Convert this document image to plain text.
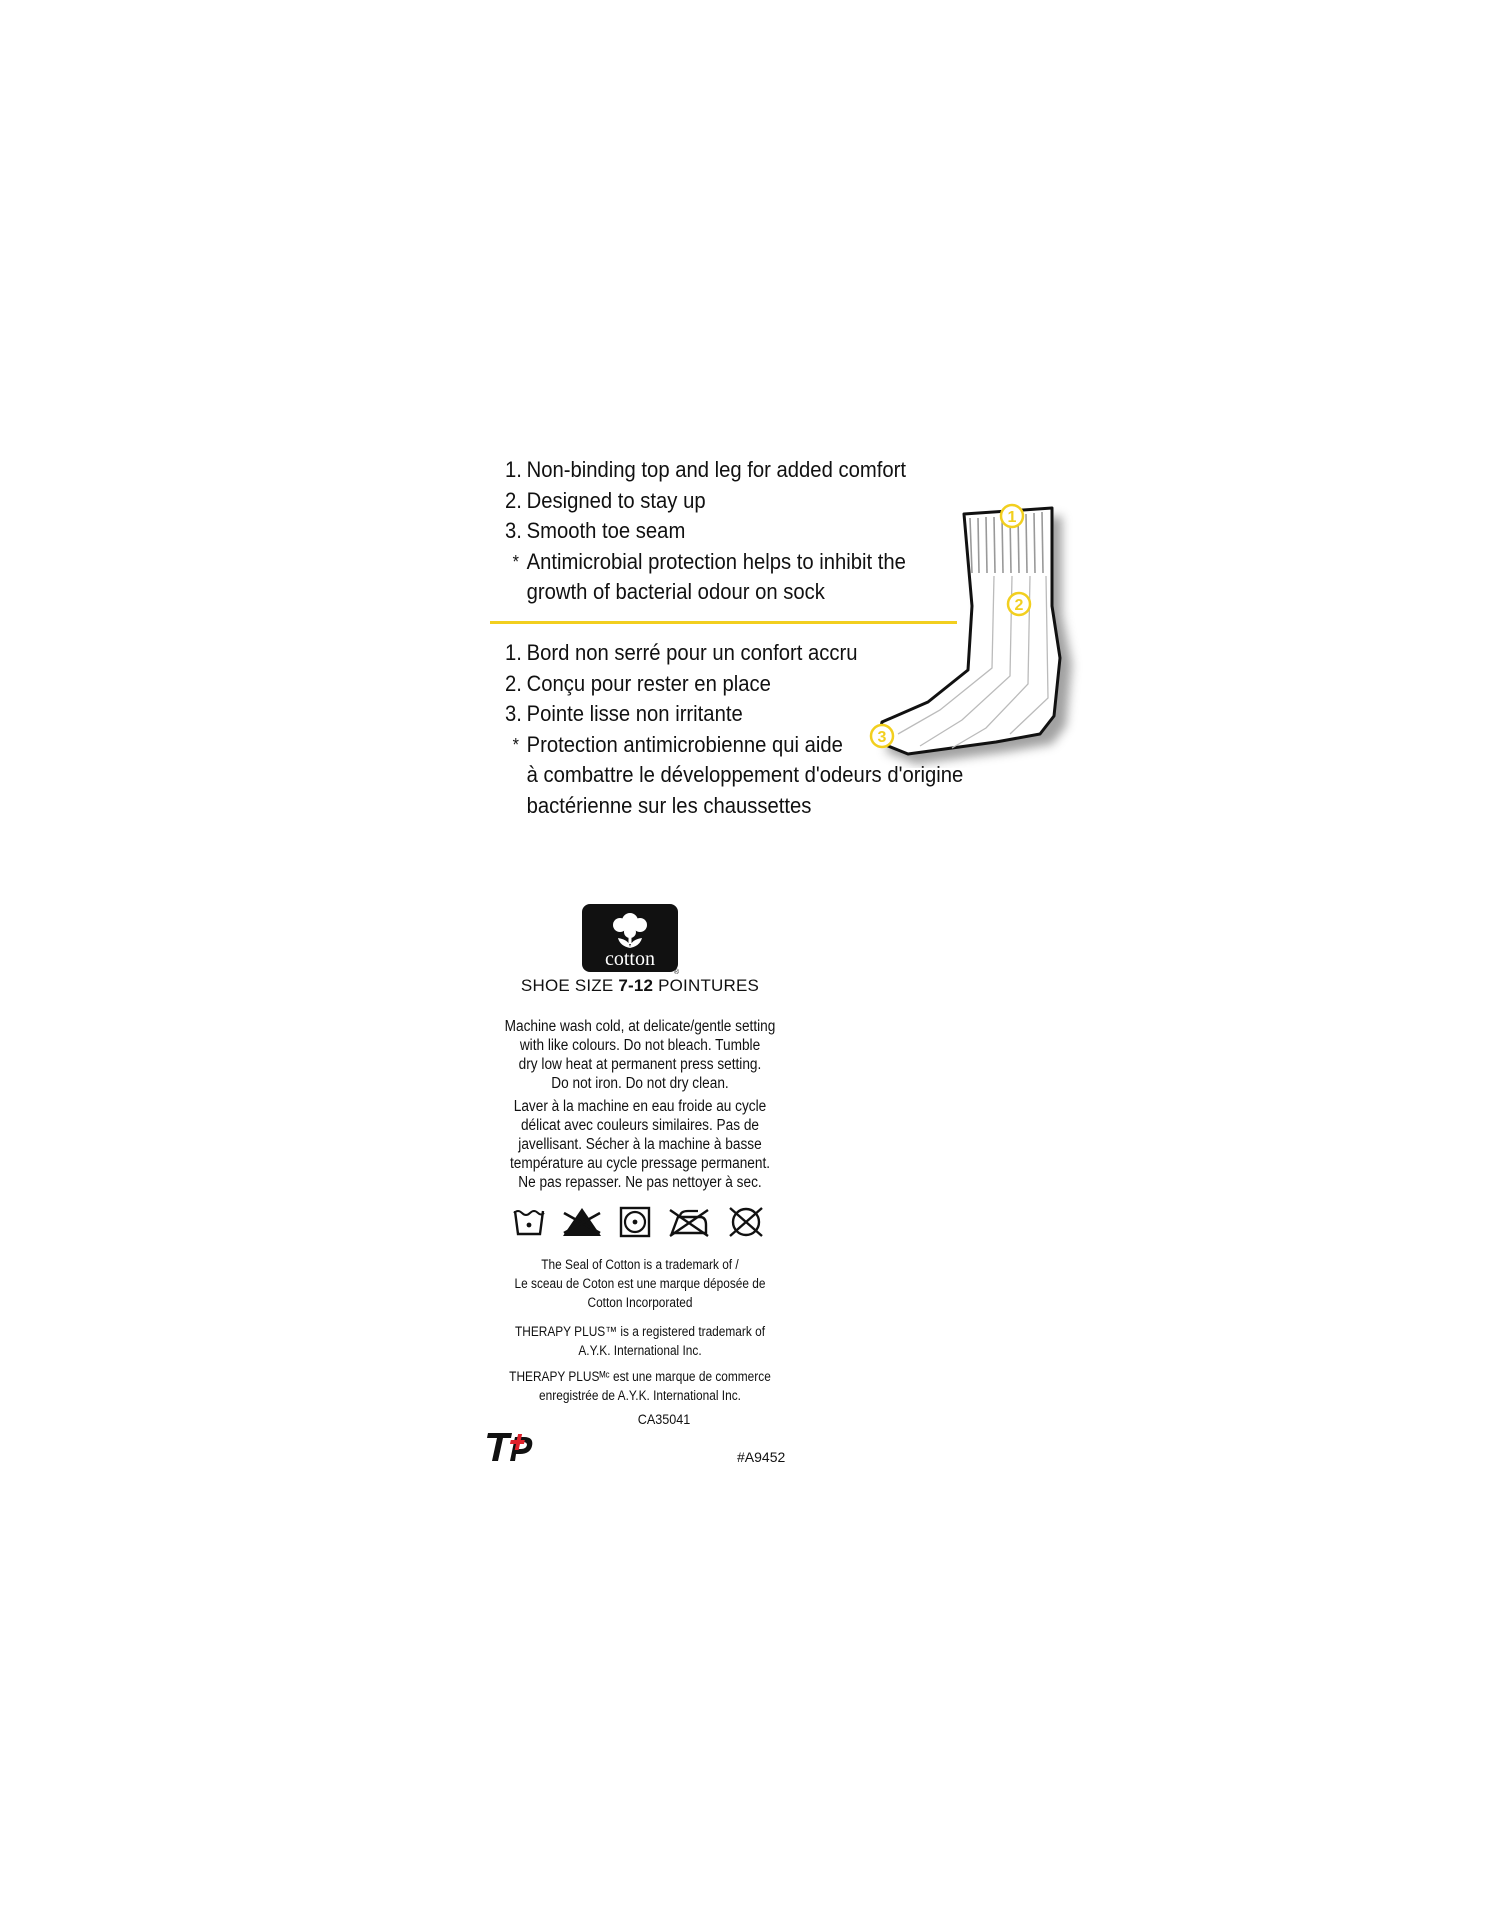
1. Non-binding top and leg for added comfort
2. Designed to stay up
3. Smooth toe seam
* Antimicrobial protection helps to inhibit the
growth of bacterial odour on sock
1. Bord non serré pour un confort accru
2. Conçu pour rester en place
3. Pointe lisse non irritante
* Protection antimicrobienne qui aide
à combattre le développement d'odeurs d'origine
bactérienne sur les chaussettes
1
2
3
cotton
®
SHOE SIZE 7-12 POINTURES
Machine wash cold, at delicate/gentle setting
with like colours. Do not bleach. Tumble
dry low heat at permanent press setting.
Do not iron. Do not dry clean.
Laver à la machine en eau froide au cycle
délicat avec couleurs similaires. Pas de
javellisant. Sécher à la machine à basse
température au cycle pressage permanent.
Ne pas repasser. Ne pas nettoyer à sec.
The Seal of Cotton is a trademark of /
Le sceau de Coton est une marque déposée de
Cotton Incorporated
THERAPY PLUS™ is a registered trademark of
A.Y.K. International Inc.
THERAPY PLUSᴹᶜ est une marque de commerce
enregistrée de A.Y.K. International Inc.
CA35041
#A9452
